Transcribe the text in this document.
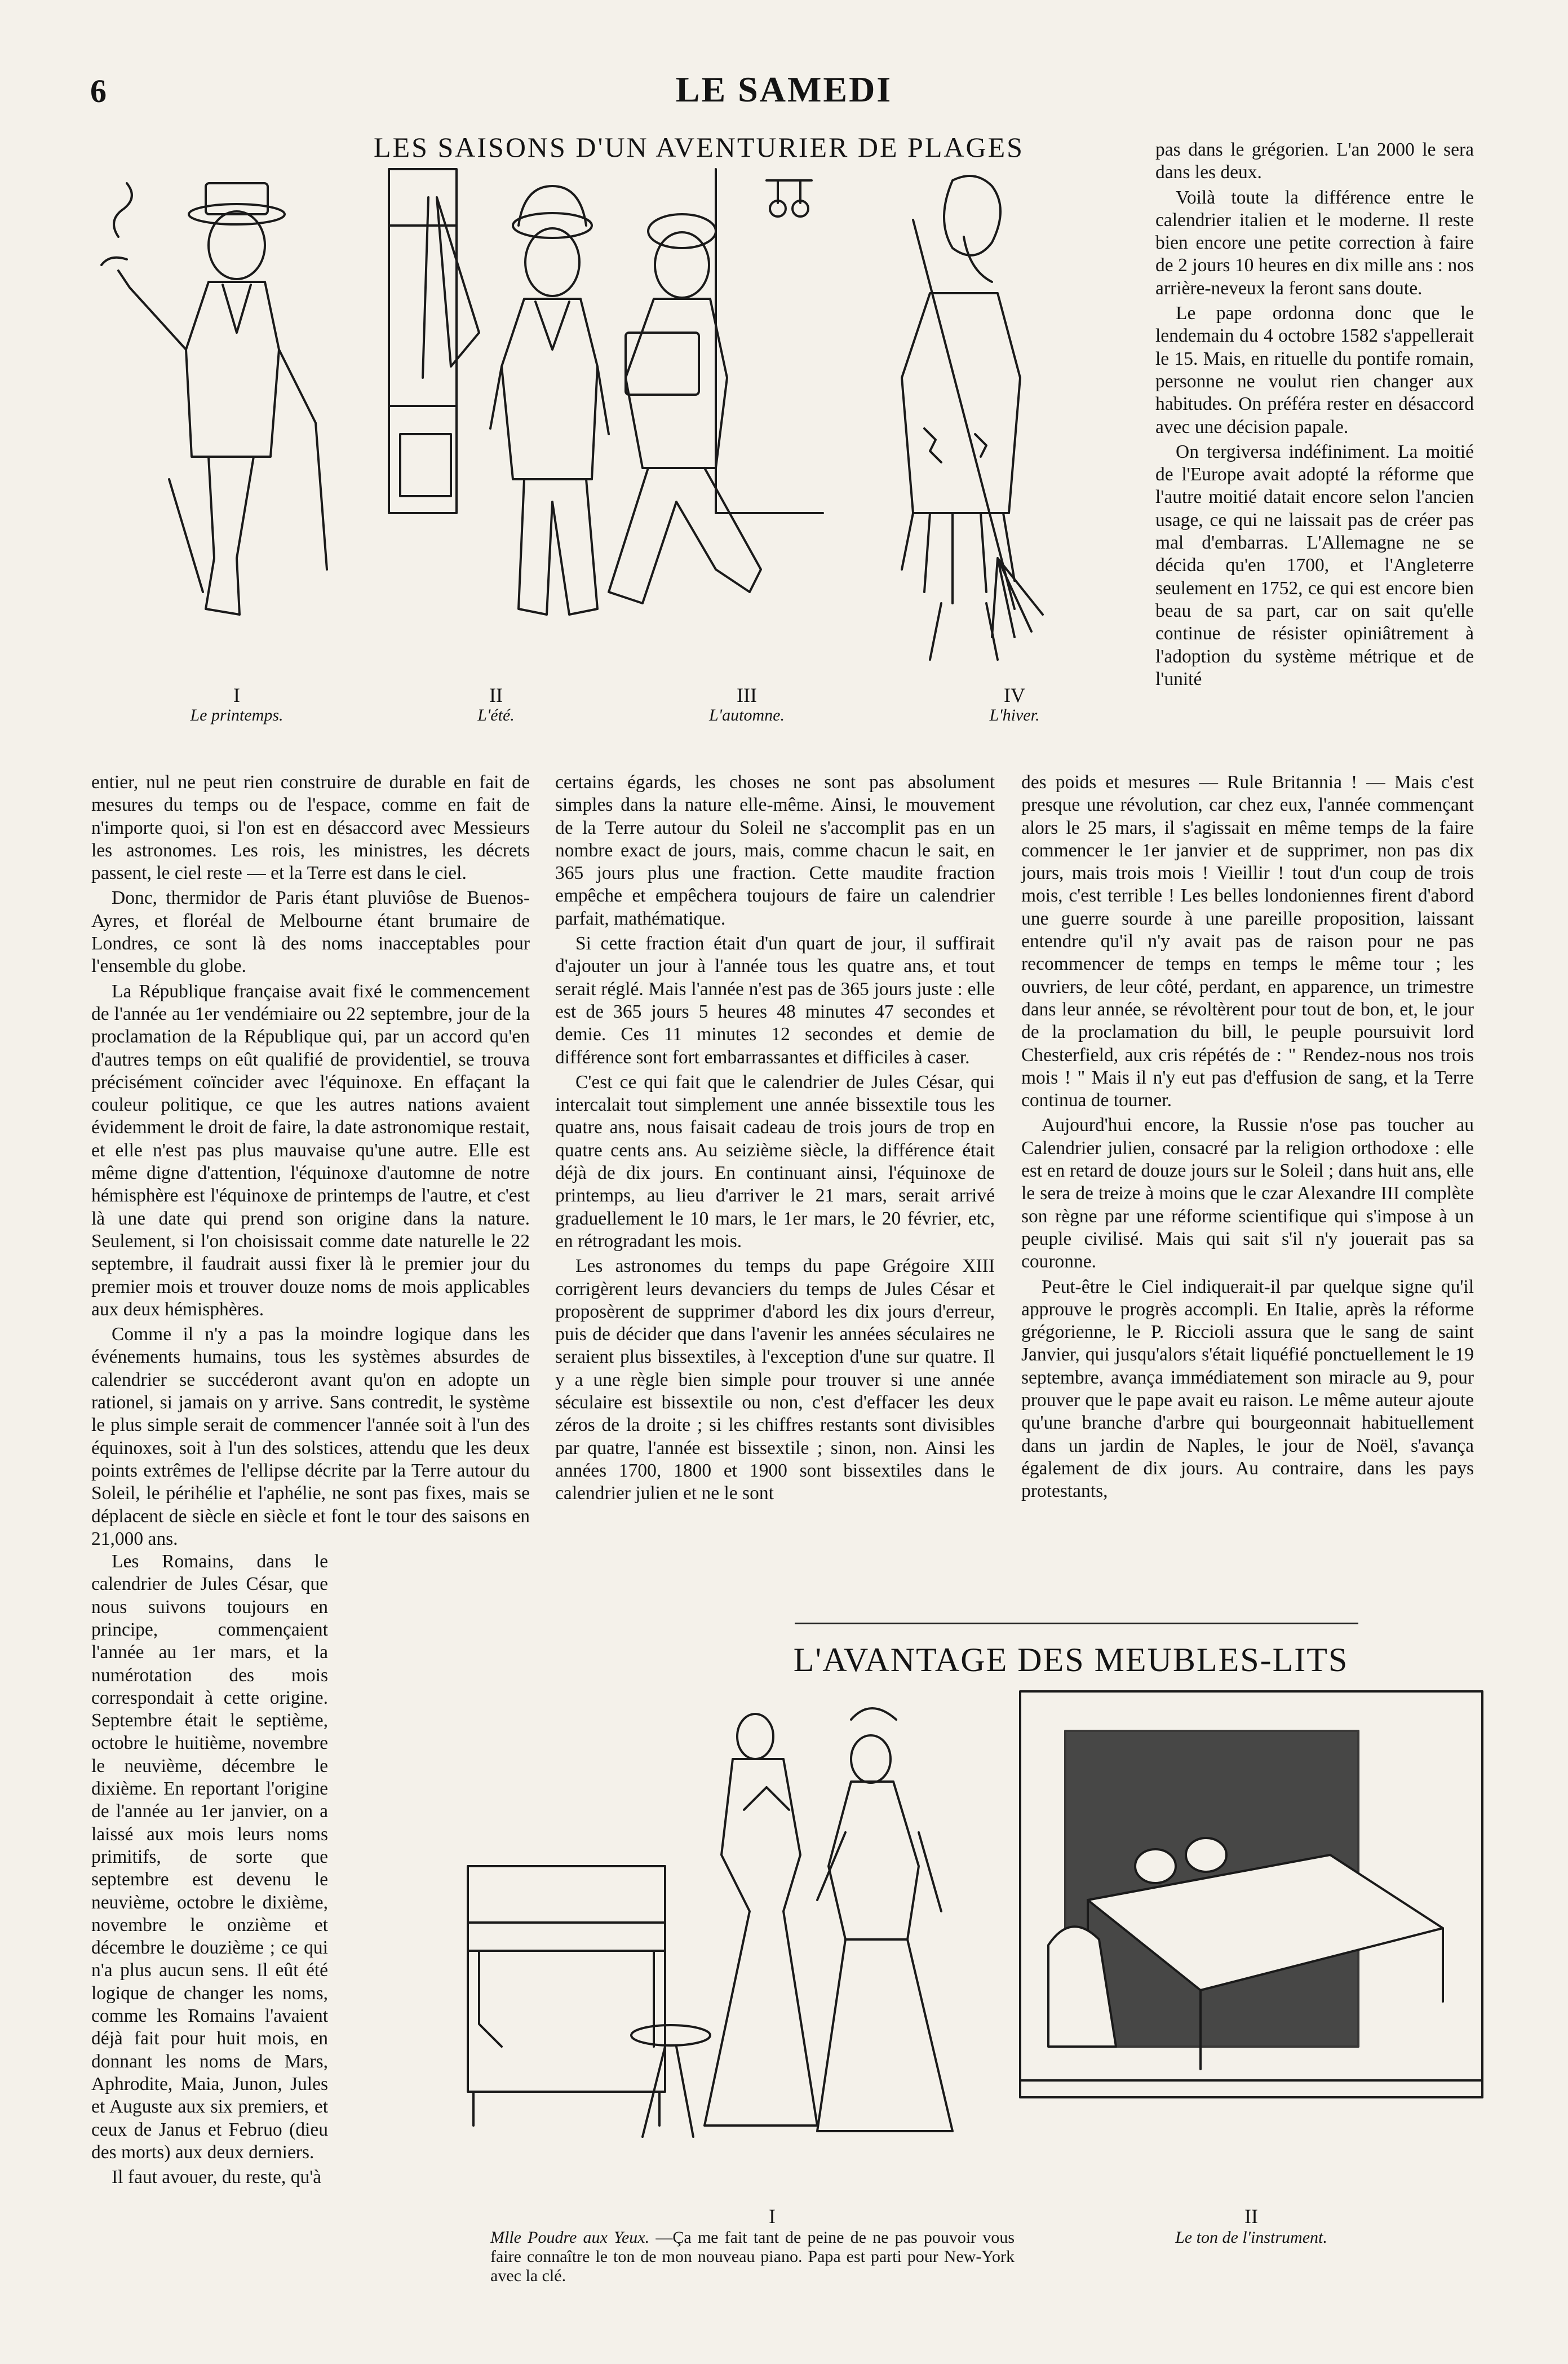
6	LE SAMEDI
LES SAISONS D'UN AVENTURIER DE PLAGES
I
Le printemps.
II
L'été.
III
L'automne.
IV
L'hiver.

pas dans le grégorien. L'an 2000 le sera dans les deux.

Voilà toute la différence entre le calendrier italien et le moderne. Il reste bien encore une petite correction à faire de 2 jours 10 heures en dix mille ans : nos arrière-neveux la feront sans doute.

Le pape ordonna donc que le lendemain du 4 octobre 1582 s'appellerait le 15. Mais, en rituelle du pontife romain, personne ne voulut rien changer aux habitudes. On préféra rester en désaccord avec une décision papale.

On tergiversa indéfiniment. La moitié de l'Europe avait adopté la réforme que l'autre moitié datait encore selon l'ancien usage, ce qui ne laissait pas de créer pas mal d'embarras. L'Allemagne ne se décida qu'en 1700, et l'Angleterre seulement en 1752, ce qui est encore bien beau de sa part, car on sait qu'elle continue de résister opiniâtrement à l'adoption du système métrique et de l'unité

entier, nul ne peut rien construire de durable en fait de mesures du temps ou de l'espace, comme en fait de n'importe quoi, si l'on est en désaccord avec Messieurs les astronomes. Les rois, les ministres, les décrets passent, le ciel reste — et la Terre est dans le ciel.

Donc, thermidor de Paris étant pluviôse de Buenos-Ayres, et floréal de Melbourne étant brumaire de Londres, ce sont là des noms inacceptables pour l'ensemble du globe.

La République française avait fixé le commencement de l'année au 1er vendémiaire ou 22 septembre, jour de la proclamation de la République qui, par un accord qu'en d'autres temps on eût qualifié de providentiel, se trouva précisément coïncider avec l'équinoxe. En effaçant la couleur politique, ce que les autres nations avaient évidemment le droit de faire, la date astronomique restait, et elle n'est pas plus mauvaise qu'une autre. Elle est même digne d'attention, l'équinoxe d'automne de notre hémisphère est l'équinoxe de printemps de l'autre, et c'est là une date qui prend son origine dans la nature. Seulement, si l'on choisissait comme date naturelle le 22 septembre, il faudrait aussi fixer là le premier jour du premier mois et trouver douze noms de mois applicables aux deux hémisphères.

Comme il n'y a pas la moindre logique dans les événements humains, tous les systèmes absurdes de calendrier se succéderont avant qu'on en adopte un rationel, si jamais on y arrive. Sans contredit, le système le plus simple serait de commencer l'année soit à l'un des équinoxes, soit à l'un des solstices, attendu que les deux points extrêmes de l'ellipse décrite par la Terre autour du Soleil, le périhélie et l'aphélie, ne sont pas fixes, mais se déplacent de siècle en siècle et font le tour des saisons en 21,000 ans.

Les Romains, dans le calendrier de Jules César, que nous suivons toujours en principe, commençaient l'année au 1er mars, et la numérotation des mois correspondait à cette origine. Septembre était le septième, octobre le huitième, novembre le neuvième, décembre le dixième. En reportant l'origine de l'année au 1er janvier, on a laissé aux mois leurs noms primitifs, de sorte que septembre est devenu le neuvième, octobre le dixième, novembre le onzième et décembre le douzième ; ce qui n'a plus aucun sens. Il eût été logique de changer les noms, comme les Romains l'avaient déjà fait pour huit mois, en donnant les noms de Mars, Aphrodite, Maia, Junon, Jules et Auguste aux six premiers, et ceux de Janus et Februo (dieu des morts) aux deux derniers.

Il faut avouer, du reste, qu'à

certains égards, les choses ne sont pas absolument simples dans la nature elle-même. Ainsi, le mouvement de la Terre autour du Soleil ne s'accomplit pas en un nombre exact de jours, mais, comme chacun le sait, en 365 jours plus une fraction. Cette maudite fraction empêche et empêchera toujours de faire un calendrier parfait, mathématique.

Si cette fraction était d'un quart de jour, il suffirait d'ajouter un jour à l'année tous les quatre ans, et tout serait réglé. Mais l'année n'est pas de 365 jours juste : elle est de 365 jours 5 heures 48 minutes 47 secondes et demie. Ces 11 minutes 12 secondes et demie de différence sont fort embarrassantes et difficiles à caser.

C'est ce qui fait que le calendrier de Jules César, qui intercalait tout simplement une année bissextile tous les quatre ans, nous faisait cadeau de trois jours de trop en quatre cents ans. Au seizième siècle, la différence était déjà de dix jours. En continuant ainsi, l'équinoxe de printemps, au lieu d'arriver le 21 mars, serait arrivé graduellement le 10 mars, le 1er mars, le 20 février, etc, en rétrogradant les mois.

Les astronomes du temps du pape Grégoire XIII corrigèrent leurs devanciers du temps de Jules César et proposèrent de supprimer d'abord les dix jours d'erreur, puis de décider que dans l'avenir les années séculaires ne seraient plus bissextiles, à l'exception d'une sur quatre. Il y a une règle bien simple pour trouver si une année séculaire est bissextile ou non, c'est d'effacer les deux zéros de la droite ; si les chiffres restants sont divisibles par quatre, l'année est bissextile ; sinon, non. Ainsi les années 1700, 1800 et 1900 sont bissextiles dans le calendrier julien et ne le sont

des poids et mesures — Rule Britannia ! — Mais c'est presque une révolution, car chez eux, l'année commençant alors le 25 mars, il s'agissait en même temps de la faire commencer le 1er janvier et de supprimer, non pas dix jours, mais trois mois ! Vieillir ! tout d'un coup de trois mois, c'est terrible ! Les belles londoniennes firent d'abord une guerre sourde à une pareille proposition, laissant entendre qu'il n'y avait pas de raison pour ne pas recommencer de temps en temps le même tour ; les ouvriers, de leur côté, perdant, en apparence, un trimestre dans leur année, se révoltèrent pour tout de bon, et, le jour de la proclamation du bill, le peuple poursuivit lord Chesterfield, aux cris répétés de : " Rendez-nous nos trois mois ! " Mais il n'y eut pas d'effusion de sang, et la Terre continua de tourner.

Aujourd'hui encore, la Russie n'ose pas toucher au Calendrier julien, consacré par la religion orthodoxe : elle est en retard de douze jours sur le Soleil ; dans huit ans, elle le sera de treize à moins que le czar Alexandre III complète son règne par une réforme scientifique qui s'impose à un peuple civilisé. Mais qui sait s'il n'y jouerait pas sa couronne.

Peut-être le Ciel indiquerait-il par quelque signe qu'il approuve le progrès accompli. En Italie, après la réforme grégorienne, le P. Riccioli assura que le sang de saint Janvier, qui jusqu'alors s'était liquéfié ponctuellement le 19 septembre, avança immédiatement son miracle au 9, pour prouver que le pape avait eu raison. Le même auteur ajoute qu'une branche d'arbre qui bourgeonnait habituellement dans un jardin de Naples, le jour de Noël, s'avança également de dix jours. Au contraire, dans les pays protestants,

L'AVANTAGE DES MEUBLES-LITS
I
Mlle Poudre aux Yeux. —Ça me fait tant de peine de ne pas pouvoir vous faire connaître le ton de mon nouveau piano. Papa est parti pour New-York avec la clé.
II
Le ton de l'instrument.
